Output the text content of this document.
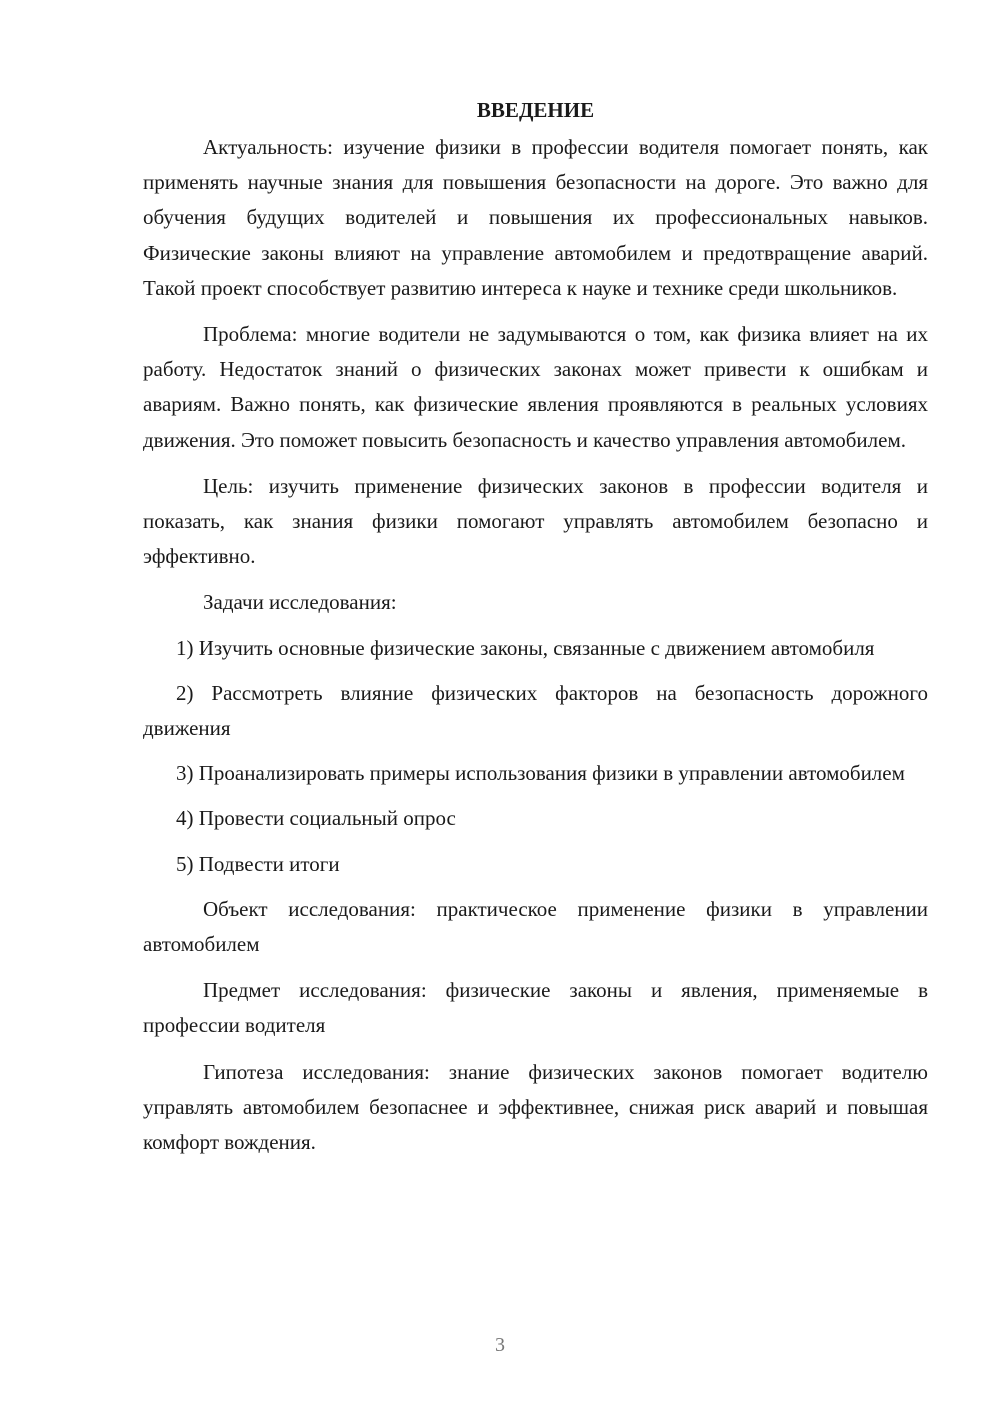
ВВЕДЕНИЕ

Актуальность: изучение физики в профессии водителя помогает понять, как применять научные знания для повышения безопасности на дороге. Это важно для обучения будущих водителей и повышения их профессиональных навыков. Физические законы влияют на управление автомобилем и предотвращение аварий. Такой проект способствует развитию интереса к науке и технике среди школьников.

Проблема: многие водители не задумываются о том, как физика влияет на их работу. Недостаток знаний о физических законах может привести к ошибкам и авариям. Важно понять, как физические явления проявляются в реальных условиях движения. Это поможет повысить безопасность и качество управления автомобилем.

Цель: изучить применение физических законов в профессии водителя и показать, как знания физики помогают управлять автомобилем безопасно и эффективно.

Задачи исследования:

1) Изучить основные физические законы, связанные с движением автомобиля

2) Рассмотреть влияние физических факторов на безопасность дорожного движения

3) Проанализировать примеры использования физики в управлении автомобилем

4) Провести социальный опрос

5) Подвести итоги

Объект исследования: практическое применение физики в управлении автомобилем

Предмет исследования: физические законы и явления, применяемые в профессии водителя

Гипотеза исследования: знание физических законов помогает водителю управлять автомобилем безопаснее и эффективнее, снижая риск аварий и повышая комфорт вождения.

3
